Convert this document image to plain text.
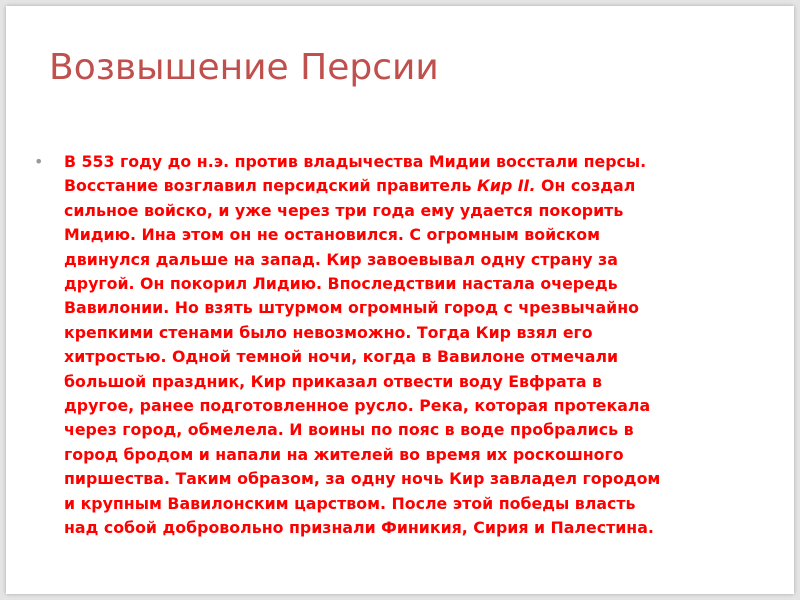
Возвышение Персии
•	В 553 году до н.э. против владычества Мидии восстали персы.
Восстание возглавил персидский правитель Кир II. Он создал
сильное войско, и уже через три года ему удается покорить
Мидию. Ина этом он не остановился. С огромным войском
двинулся дальше на запад. Кир завоевывал одну страну за
другой. Он покорил Лидию. Впоследствии настала очередь
Вавилонии. Но взять штурмом огромный город с чрезвычайно
крепкими стенами было невозможно. Тогда Кир взял его
хитростью. Одной темной ночи, когда в Вавилоне отмечали
большой праздник, Кир приказал отвести воду Евфрата в
другое, ранее подготовленное русло. Река, которая протекала
через город, обмелела. И воины по пояс в воде пробрались в
город бродом и напали на жителей во время их роскошного
пиршества. Таким образом, за одну ночь Кир завладел городом
и крупным Вавилонским царством. После этой победы власть
над собой добровольно признали Финикия, Сирия и Палестина.
